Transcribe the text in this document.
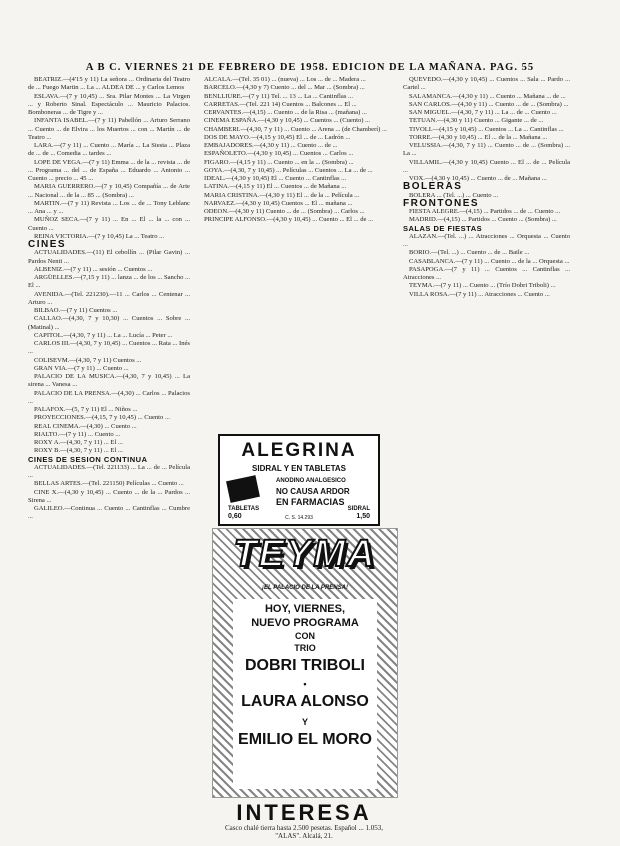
A B C. VIERNES 21 DE FEBRERO DE 1958. EDICION DE LA MAÑANA. PAG. 55

BEATRIZ.—(4'15 y 11) La señora ... Ordinaria del Teatro de ... Fuego Martin ... La ... ALDEA DE ... y Carlos Lemos

ESLAVA.—(7 y 10,45) ... Sra. Pilar Montes ... La Virgen ... y Roberto Sinal. Espectáculo ... Mauricio Palacios. Bomboneras ... de Tigre y ...

INFANTA ISABEL.—(7 y 11) Pabellón ... Arturo Serrano ... Cuento ... de Elvira ... los Muertos ... con ... Martín ... de Teatro ...

LARA.—(7 y 11) ... Cuento ... María ... La Siesta ... Plaza de ... de ... Comedia ... tardes ...

LOPE DE VEGA.—(7 y 11) Emma ... de la ... revista ... de ... Programa ... del ... de España ... Eduardo ... Antonio ... Cuento ... precio ... 45 ...

MARIA GUERRERO.—(7 y 10,45) Compañía ... de Arte ... Nacional ... de la ... 85 ... (Sombra) ...

MARTIN.—(7 y 11) Revista ... Los ... de ... Tony Leblanc ... Ana ... y ...

MUÑOZ SECA.—(7 y 11) ... En ... El ... la ... con ... Cuento ...

REINA VICTORIA.—(7 y 10,45) La ... Teatro ...

CINES

ACTUALIDADES.—(11) El cebollín ... (Pilar Gavin) ... Pardos Nenti ...

ALBENIZ.—(7 y 11) ... sesión ... Cuentos ...

ARGÜELLES.—(7,15 y 11) ... lanza ... de los ... Sancho ... El ...

AVENIDA.—(Tel. 221230).—11 ... Carlos ... Centenar ... Arturo ...

BILBAO.—(7 y 11) Cuentos ...

CALLAO.—(4,30, 7 y 10,30) ... Cuentos ... Sobre ... (Matinal) ...

CAPITOL.—(4,30, 7 y 11) ... La ... Lucía ... Peter ...

CARLOS III.—(4,30, 7 y 10,45) ... Cuentos ... Rata ... Inés ...

COLISEVM.—(4,30, 7 y 11) Cuentos ...

GRAN VIA.—(7 y 11) ... Cuento ...

PALACIO DE LA MUSICA.—(4,30, 7 y 10,45) ... La sirena ... Vanesa ...

PALACIO DE LA PRENSA.—(4,30) ... Carlos ... Palacios ...

PALAFOX.—(5, 7 y 11) El ... Niños ...

PROYECCIONES.—(4,15, 7 y 10,45) ... Cuento ...

REAL CINEMA.—(4,30) ... Cuento ...

RIALTO.—(7 y 11) ... Cuento ...

ROXY A.—(4,30, 7 y 11) ... El ...

ROXY B.—(4,30, 7 y 11) ... El ...

CINES DE SESION CONTINUA

ACTUALIDADES.—(Tel. 221133) ... La ... de ... Película ...

BELLAS ARTES.—(Tel. 221150) Películas ... Cuento ...

CINE X.—(4,30 y 10,45) ... Cuento ... de la ... Pardos ... Sirena ...

GALILEO.—Continua ... Cuento ... Cantinflas ... Cumbre ...

ALCALA.—(Tel. 35 01) ... (nueva) ... Los ... de ... Madera ...

BARCELO.—(4,30 y 7) Cuento ... del ... Mar ... (Sombra) ...

BENLLIURE.—(7 y 11) Tel. ... 13 ... La ... Cantinflas ...

CARRETAS.—(Tel. 221 14) Cuentos ... Balcones ... El ...

CERVANTES.—(4,15) ... Cuento ... de la Risa ... (mañana) ...

CINEMA ESPAÑA.—(4,30 y 10,45) ... Cuentos ... (Cuento) ...

CHAMBERI.—(4,30, 7 y 11) ... Cuento ... Arena ... (de Chamberí) ...

DOS DE MAYO.—(4,15 y 10,45) El ... de ... Ladrón ...

EMBAJADORES.—(4,30 y 11) ... Cuento ... de ...

ESPAÑOLETO.—(4,30 y 10,45) ... Cuentos ... Carlos ...

FIGARO.—(4,15 y 11) ... Cuento ... en la ... (Sombra) ...

GOYA.—(4,30, 7 y 10,45) ... Películas ... Cuentos ... La ... de ...

IDEAL.—(4,30 y 10,45) El ... Cuento ... Cantinflas ...

LATINA.—(4,15 y 11) El ... Cuentos ... de Mañana ...

MARIA CRISTINA.—(4,30 y 11) El ... de la ... Película ...

NARVAEZ.—(4,30 y 10,45) Cuentos ... El ... mañana ...

ODEON.—(4,30 y 11) Cuento ... de ... (Sombra) ... Carlos ...

PRINCIPE ALFONSO.—(4,30 y 10,45) ... Cuento ... El ... de ...

QUEVEDO.—(4,30 y 10,45) ... Cuentos ... Sala ... Pardo ... Cartel ...

SALAMANCA.—(4,30 y 11) ... Cuento ... Mañana ... de ...

SAN CARLOS.—(4,30 y 11) ... Cuento ... de ... (Sombra) ...

SAN MIGUEL.—(4,30, 7 y 11) ... La ... de ... Cuento ...

TETUAN.—(4,30 y 11) Cuento ... Gigante ... de ...

TIVOLI.—(4,15 y 10,45) ... Cuentos ... La ... Cantinflas ...

TORRE.—(4,30 y 10,45) ... El ... de la ... Mañana ...

VELUSSIA.—(4,30, 7 y 11) ... Cuento ... de ... (Sombra) ... La ...

VILLAMIL.—(4,30 y 10,45) Cuento ... El ... de ... Película ...

VOX.—(4,30 y 10,45) ... Cuento ... de ... Mañana ...

BOLERAS

BOLERA ... (Tel. ...) ... Cuento ...

FRONTONES

FIESTA ALEGRE.—(4,15) ... Partidos ... de ... Cuento ...

MADRID.—(4,15) ... Partidos ... Cuento ... (Sombra) ...

SALAS DE FIESTAS

ALAZAN.—(Tel. ...) ... Atracciones ... Orquesta ... Cuento ...

BORIO.—(Tel. ...) ... Cuento ... de ... Baile ...

CASABLANCA.—(7 y 11) ... Cuento ... de la ... Orquesta ...

PASAPOGA.—(7 y 11) ... Cuentos ... Cantinflas ... Atracciones ...

TEYMA.—(7 y 11) ... Cuento ... (Trío Dobri Triboli) ...

VILLA ROSA.—(7 y 11) ... Atracciones ... Cuento ...

ALEGRINA
SIDRAL Y EN TABLETAS
ANODINO ANALGESICO
NO CAUSA ARDOR
EN FARMACIAS
TABLETAS
0,60
SIDRAL
1,50
C. S. 14.293
TEYMA
¡EL PALACIO DE LA PRENSA!
HOY, VIERNES,
NUEVO PROGRAMA
CON
TRIO
DOBRI TRIBOLI
•
LAURA ALONSO
Y
EMILIO EL MORO
INTERESA
Casco chalé tierra hasta 2.500 pesetas. Español ... 1.053, "ALAS". Alcalá, 21.
